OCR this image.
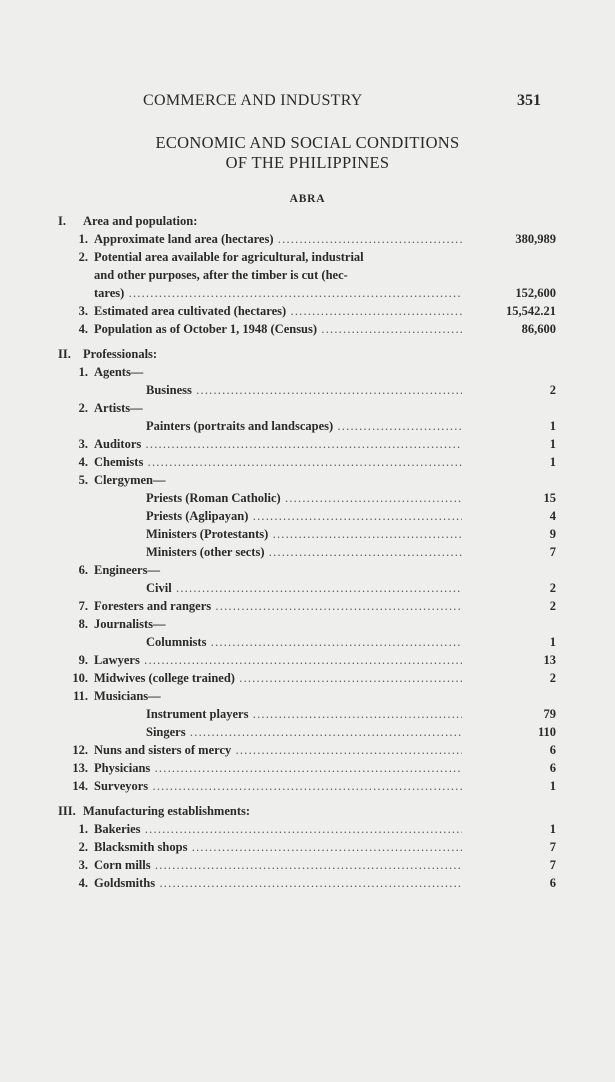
COMMERCE AND INDUSTRY	351
ECONOMIC AND SOCIAL CONDITIONS
OF THE PHILIPPINES
ABRA
I.	Area and population:
1. Approximate land area (hectares) .....	380,989
2. Potential area available for agricultural, industrial
and other purposes, after the timber is cut (hec-
tares) .....	152,600
3. Estimated area cultivated (hectares) .....	15,542.21
4. Population as of October 1, 1948 (Census) .....	86,600
II. Professionals:
1. Agents—
Business .....	2
2. Artists—
Painters (portraits and landscapes) .....	1
3. Auditors .....	1
4. Chemists .....	1
5. Clergymen—
Priests (Roman Catholic) .....	15
Priests (Aglipayan) .....	4
Ministers (Protestants) .....	9
Ministers (other sects) .....	7
6. Engineers—
Civil .....	2
7. Foresters and rangers .....	2
8. Journalists—
Columnists .....	1
9. Lawyers .....	13
10. Midwives (college trained) .....	2
11. Musicians—
Instrument players .....	79
Singers .....	110
12. Nuns and sisters of mercy .....	6
13. Physicians .....	6
14. Surveyors .....	1
III. Manufacturing establishments:
1. Bakeries .....	1
2. Blacksmith shops .....	7
3. Corn mills .....	7
4. Goldsmiths .....	6
